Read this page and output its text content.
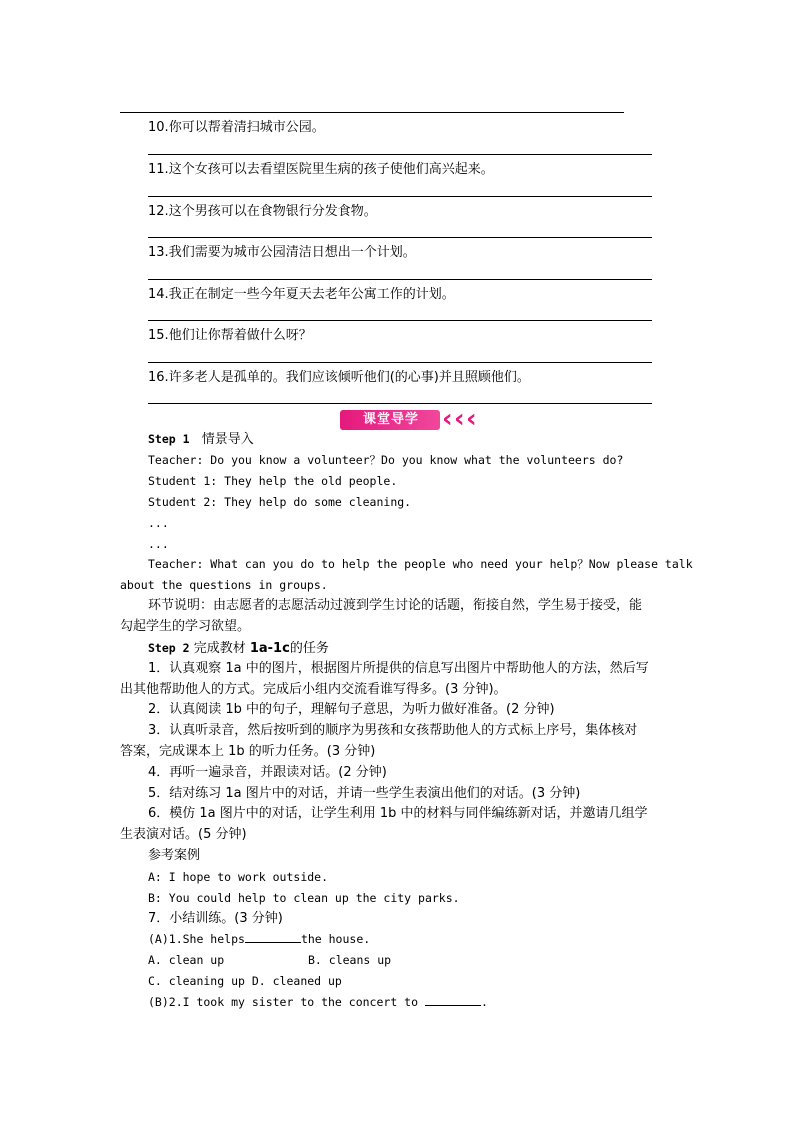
10.你可以帮着清扫城市公园。
11.这个女孩可以去看望医院里生病的孩子使他们高兴起来。
12.这个男孩可以在食物银行分发食物。
13.我们需要为城市公园清洁日想出一个计划。
14.我正在制定一些今年夏天去老年公寓工作的计划。
15.他们让你帮着做什么呀？
16.许多老人是孤单的。我们应该倾听他们(的心事)并且照顾他们。
课堂导学 ‹ ‹ ‹
Step 1 情景导入
Teacher: Do you know a volunteer？Do you know what the volunteers do?
Student 1: They help the old people.
Student 2: They help do some cleaning.
...
...
Teacher: What can you do to help the people who need your help？Now please talk
about the questions in groups.
环节说明：由志愿者的志愿活动过渡到学生讨论的话题，衔接自然，学生易于接受，能
勾起学生的学习欲望。
Step 2 完成教材 1a-1c的任务
1．认真观察 1a 中的图片，根据图片所提供的信息写出图片中帮助他人的方法，然后写
出其他帮助他人的方式。完成后小组内交流看谁写得多。(3 分钟)。
2．认真阅读 1b 中的句子，理解句子意思，为听力做好准备。(2 分钟)
3．认真听录音，然后按听到的顺序为男孩和女孩帮助他人的方式标上序号，集体核对
答案，完成课本上 1b 的听力任务。(3 分钟)
4．再听一遍录音，并跟读对话。(2 分钟)
5．结对练习 1a 图片中的对话，并请一些学生表演出他们的对话。(3 分钟)
6．模仿 1a 图片中的对话，让学生利用 1b 中的材料与同伴编练新对话，并邀请几组学
生表演对话。(5 分钟)
参考案例
A: I hope to work outside.
B: You could help to clean up the city parks.
7．小结训练。(3 分钟)
(A)1.She helps	the house.
A. clean up	B. cleans up
C. cleaning up D. cleaned up
(B)2.I took my sister to the concert to	.
